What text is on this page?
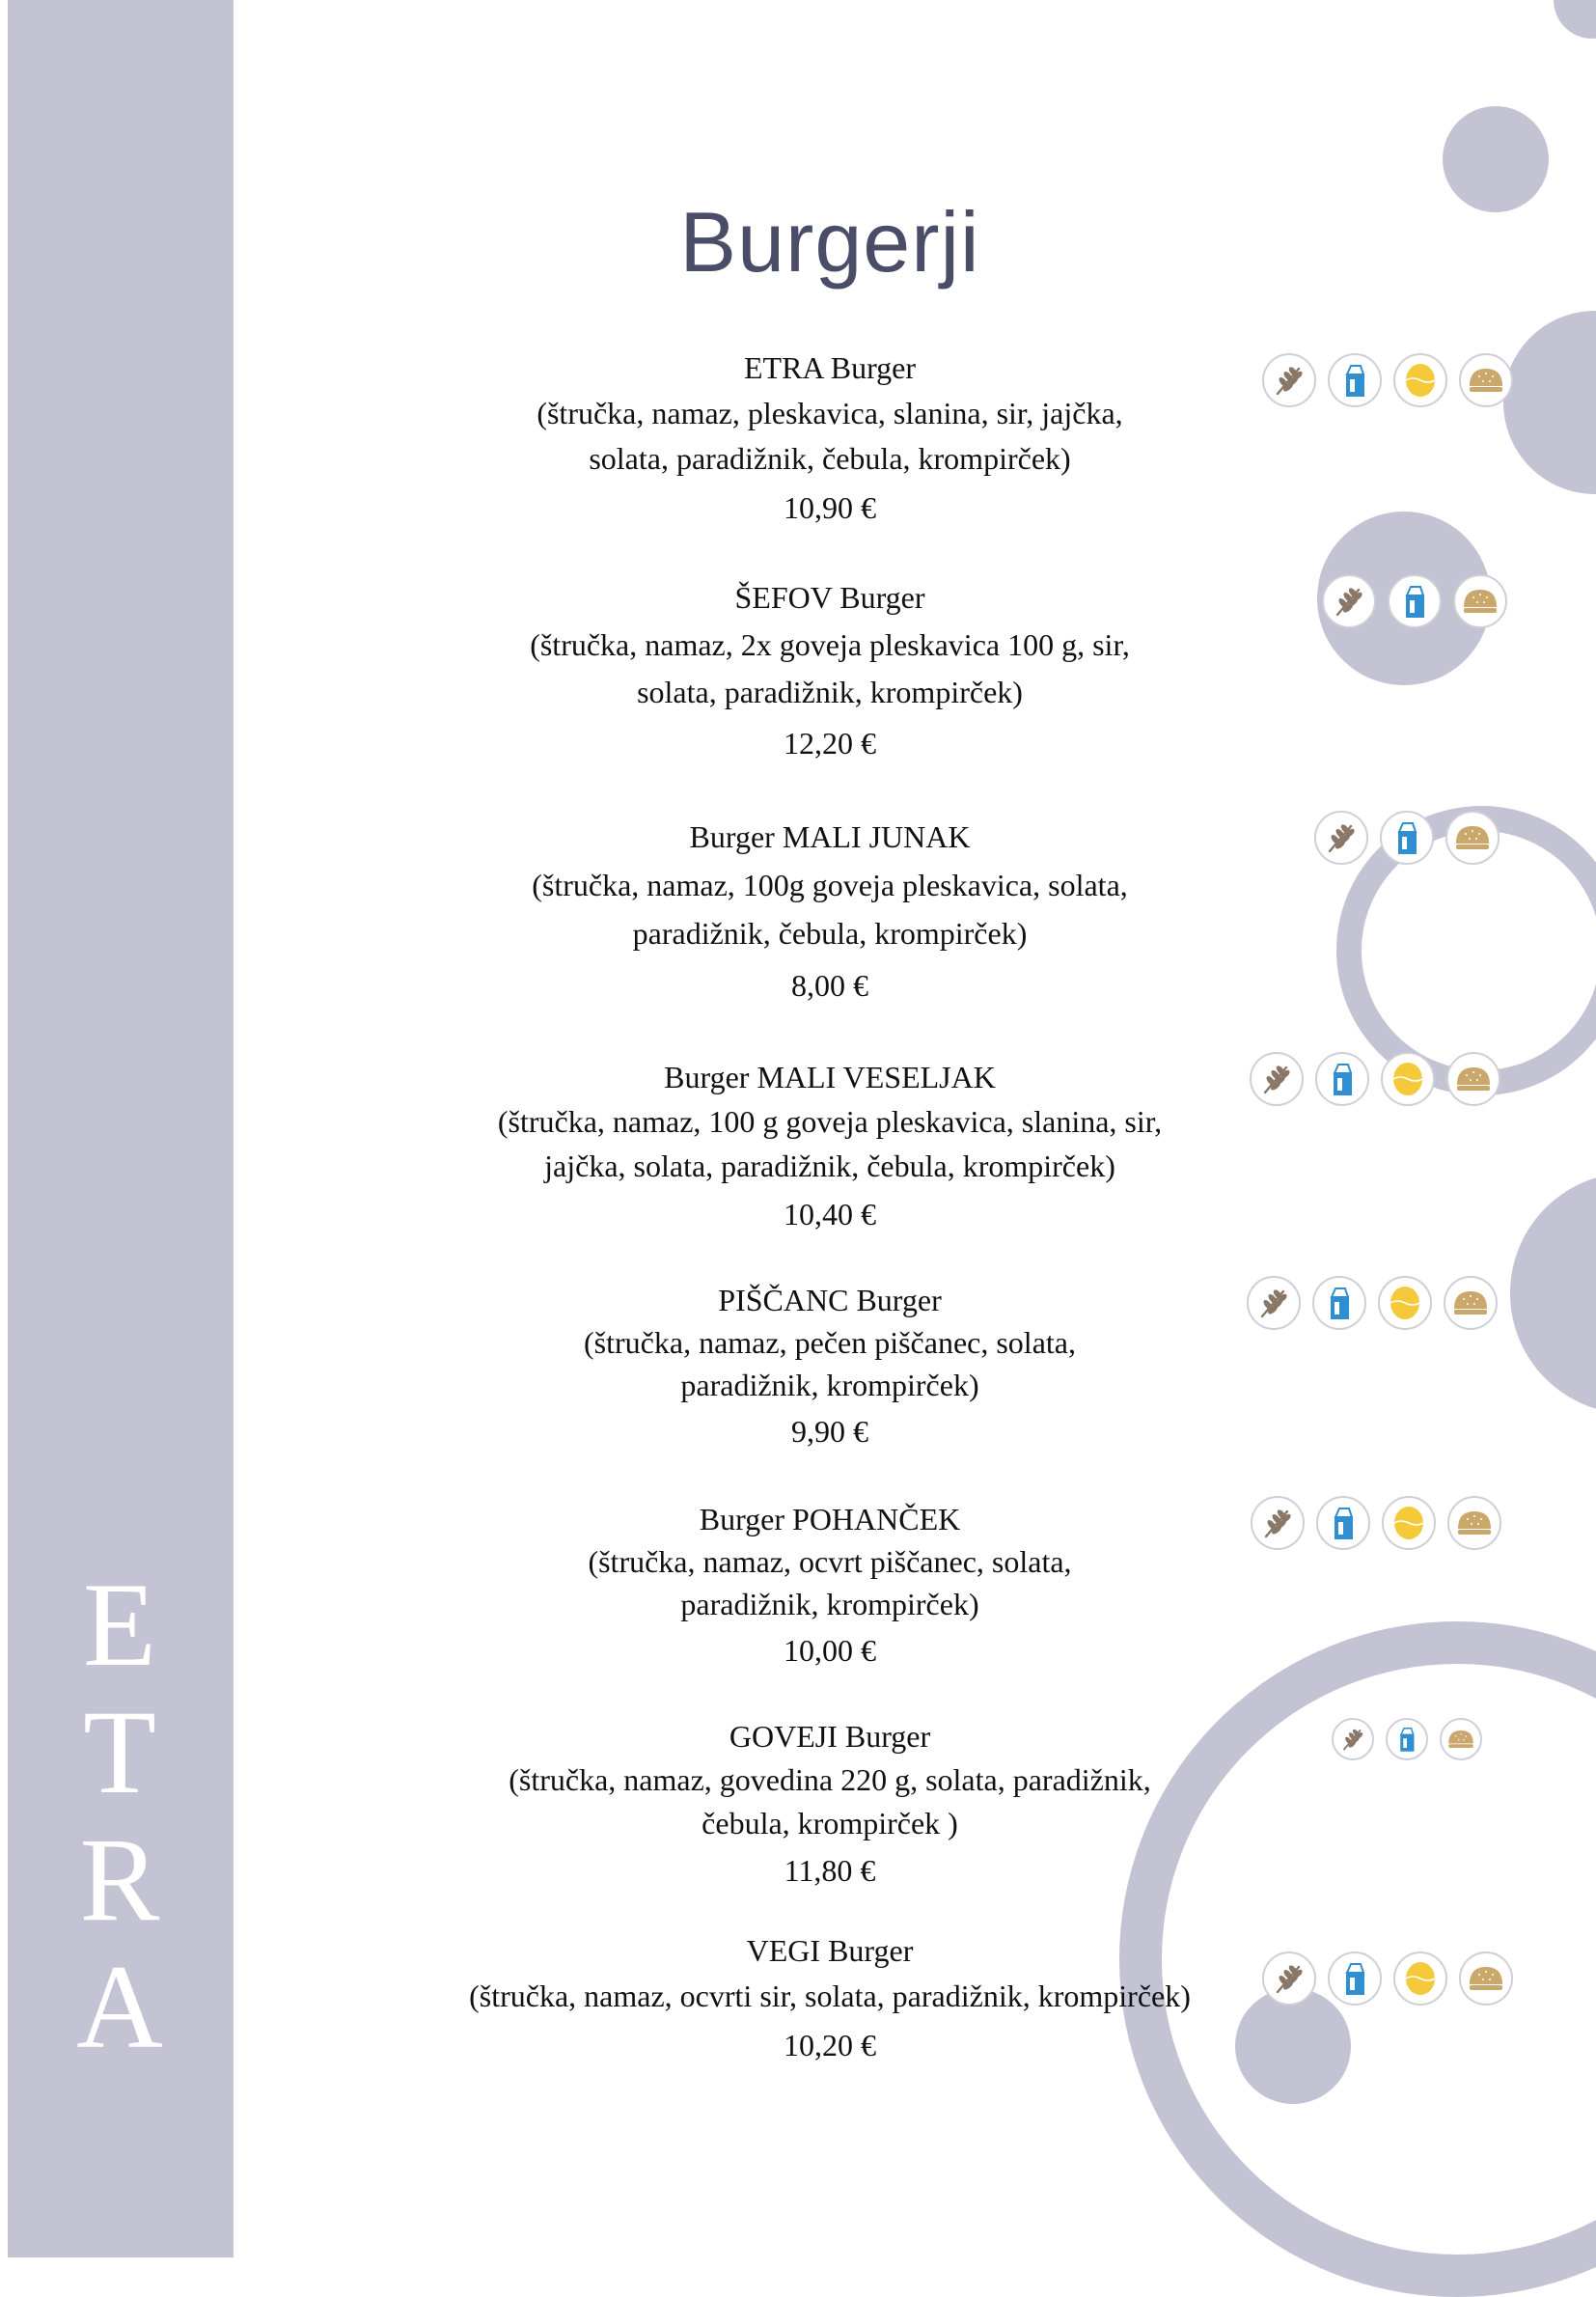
E
T
R
A
Burgerji
ETRA Burger
(štručka, namaz, pleskavica, slanina, sir, jajčka,
solata, paradižnik, čebula, krompirček)
10,90 €
ŠEFOV Burger
(štručka, namaz, 2x goveja pleskavica 100 g, sir,
solata, paradižnik, krompirček)
12,20 €
Burger MALI JUNAK
(štručka, namaz, 100g goveja pleskavica, solata,
paradižnik, čebula, krompirček)
8,00 €
Burger MALI VESELJAK
(štručka, namaz, 100 g goveja pleskavica, slanina, sir,
jajčka, solata, paradižnik, čebula, krompirček)
10,40 €
PIŠČANC Burger
(štručka, namaz, pečen piščanec, solata,
paradižnik, krompirček)
9,90 €
Burger POHANČEK
(štručka, namaz, ocvrt piščanec, solata,
paradižnik, krompirček)
10,00 €
GOVEJI Burger
(štručka, namaz, govedina 220 g, solata, paradižnik,
čebula, krompirček )
11,80 €
VEGI Burger
(štručka, namaz, ocvrti sir, solata, paradižnik, krompirček)
10,20 €
